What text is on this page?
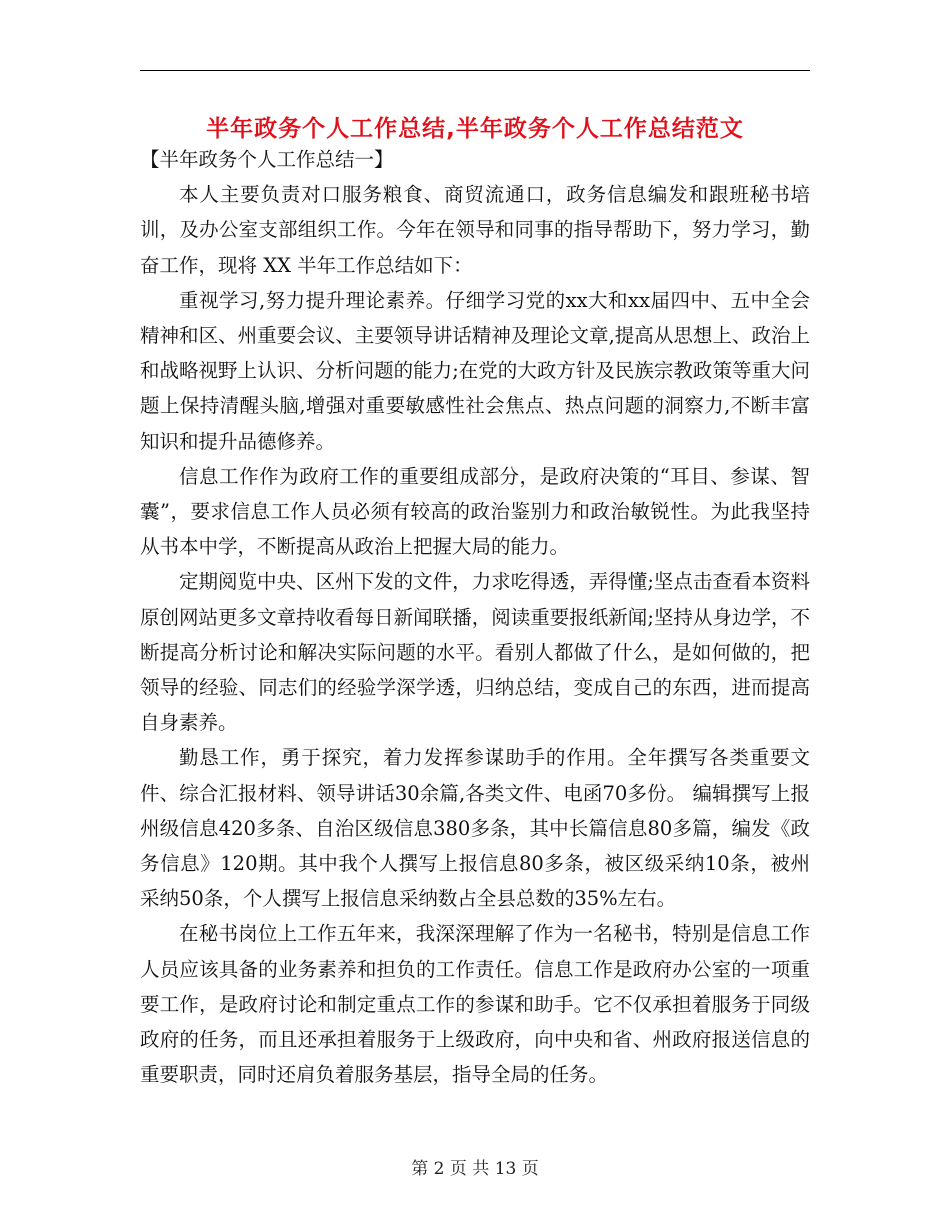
半年政务个人工作总结,半年政务个人工作总结范文

【半年政务个人工作总结一】

本人主要负责对口服务粮食、商贸流通口，政务信息编发和跟班秘书培训，及办公室支部组织工作。今年在领导和同事的指导帮助下，努力学习，勤奋工作，现将 XX 半年工作总结如下：

重视学习,努力提升理论素养。仔细学习党的xx大和xx届四中、五中全会精神和区、州重要会议、主要领导讲话精神及理论文章,提高从思想上、政治上和战略视野上认识、分析问题的能力;在党的大政方针及民族宗教政策等重大问题上保持清醒头脑,增强对重要敏感性社会焦点、热点问题的洞察力,不断丰富知识和提升品德修养。

信息工作作为政府工作的重要组成部分，是政府决策的“耳目、参谋、智囊”，要求信息工作人员必须有较高的政治鉴别力和政治敏锐性。为此我坚持从书本中学，不断提高从政治上把握大局的能力。

定期阅览中央、区州下发的文件，力求吃得透，弄得懂;坚点击查看本资料原创网站更多文章持收看每日新闻联播，阅读重要报纸新闻;坚持从身边学，不断提高分析讨论和解决实际问题的水平。看别人都做了什么，是如何做的，把领导的经验、同志们的经验学深学透，归纳总结，变成自己的东西，进而提高自身素养。

勤恳工作，勇于探究，着力发挥参谋助手的作用。全年撰写各类重要文件、综合汇报材料、领导讲话30余篇,各类文件、电函70多份。 编辑撰写上报州级信息420多条、自治区级信息380多条，其中长篇信息80多篇，编发《政务信息》120期。其中我个人撰写上报信息80多条，被区级采纳10条，被州采纳50条，个人撰写上报信息采纳数占全县总数的35%左右。

在秘书岗位上工作五年来，我深深理解了作为一名秘书，特别是信息工作人员应该具备的业务素养和担负的工作责任。信息工作是政府办公室的一项重要工作，是政府讨论和制定重点工作的参谋和助手。它不仅承担着服务于同级政府的任务，而且还承担着服务于上级政府，向中央和省、州政府报送信息的重要职责，同时还肩负着服务基层，指导全局的任务。

第 2 页 共 13 页
